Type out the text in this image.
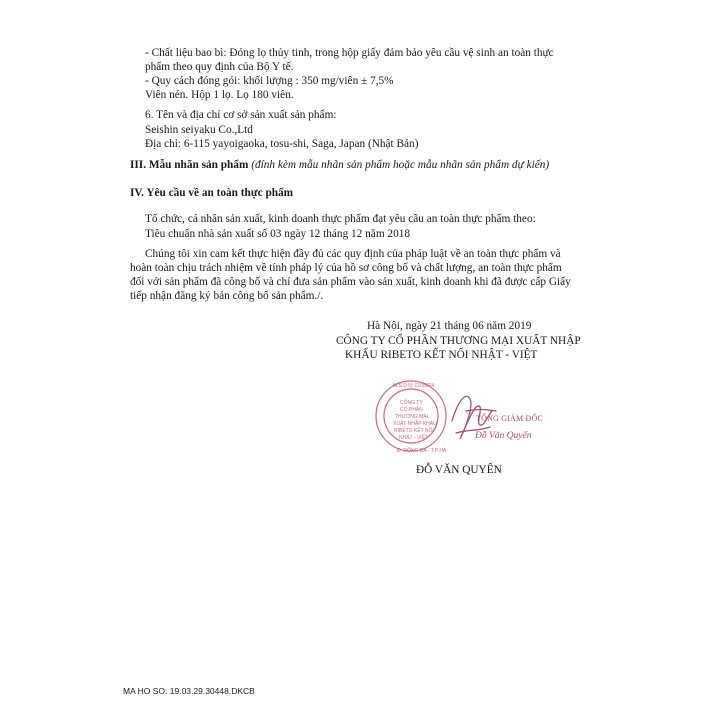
- Chất liệu bao bì: Đóng lọ thủy tinh, trong hộp giấy đảm bảo yêu cầu vệ sinh an toàn thực
phẩm theo quy định của Bộ Y tế.
- Quy cách đóng gói: khối lượng : 350 mg/viên ± 7,5%
Viên nén. Hộp 1 lọ. Lọ 180 viên.
6. Tên và địa chỉ cơ sở sản xuất sản phẩm:
Seishin seiyaku Co.,Ltd
Địa chỉ: 6-115 yayoigaoka, tosu-shi, Saga, Japan (Nhật Bản)
III. Mẫu nhãn sản phẩm (đính kèm mẫu nhãn sản phẩm hoặc mẫu nhãn sản phẩm dự kiến)
IV. Yêu cầu về an toàn thực phẩm
Tổ chức, cá nhân sản xuất, kinh doanh thực phẩm đạt yêu cầu an toàn thực phẩm theo:
Tiêu chuẩn nhà sản xuất số 03 ngày 12 tháng 12 năm 2018
Chúng tôi xin cam kết thực hiện đầy đủ các quy định của pháp luật về an toàn thực phẩm và
hoàn toàn chịu trách nhiệm về tính pháp lý của hồ sơ công bố và chất lượng, an toàn thực phẩm
đối với sản phẩm đã công bố và chỉ đưa sản phẩm vào sản xuất, kinh doanh khi đã được cấp Giấy
tiếp nhận đăng ký bản công bố sản phẩm./.
Hà Nội, ngày 21 tháng 06 năm 2019
CÔNG TY CỔ PHẦN THƯƠNG MẠI XUẤT NHẬP
KHẨU RIBETO KẾT NỐI NHẬT - VIỆT
CÔNG TY
CỔ PHẦN
THƯƠNG MẠI
XUẤT NHẬP KHẨU
RIBETO KẾT NỐI
NHẬT - VIỆT
M.S.D.N: 0108024
Đ. ĐỐNG ĐA - T.P HÀ
TỔNG GIÁM ĐỐC
Đỗ Văn Quyến
ĐỖ VĂN QUYẾN
MA HO SO: 19.03.29.30448.DKCB
